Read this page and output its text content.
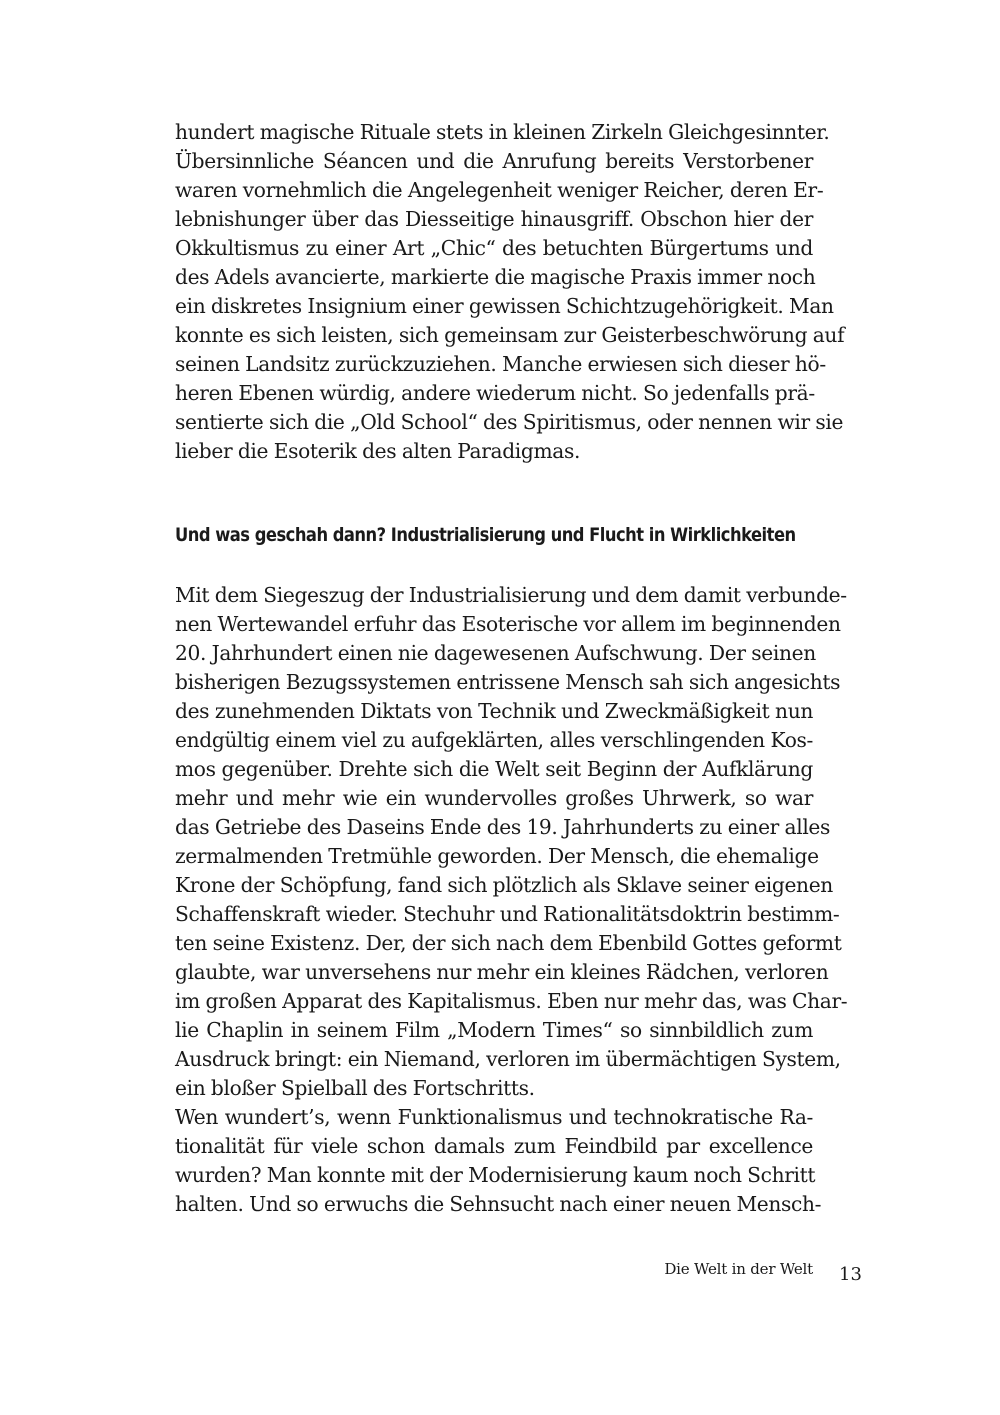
hundert magische Rituale stets in kleinen Zirkeln Gleichgesinnter.
Übersinnliche Séancen und die Anrufung bereits Verstorbener
waren vornehmlich die Angelegenheit weniger Reicher, deren Er-
lebnishunger über das Diesseitige hinausgriff. Obschon hier der
Okkultismus zu einer Art „Chic“ des betuchten Bürgertums und
des Adels avancierte, markierte die magische Praxis immer noch
ein diskretes Insignium einer gewissen Schichtzugehörigkeit. Man
konnte es sich leisten, sich gemeinsam zur Geisterbeschwörung auf
seinen Landsitz zurückzuziehen. Manche erwiesen sich dieser hö-
heren Ebenen würdig, andere wiederum nicht. So jedenfalls prä-
sentierte sich die „Old School“ des Spiritismus, oder nennen wir sie
lieber die Esoterik des alten Paradigmas.
Und was geschah dann? Industrialisierung und Flucht in Wirklichkeiten
Mit dem Siegeszug der Industrialisierung und dem damit verbunde-
nen Wertewandel erfuhr das Esoterische vor allem im beginnenden
20. Jahrhundert einen nie dagewesenen Aufschwung. Der seinen
bisherigen Bezugssystemen entrissene Mensch sah sich angesichts
des zunehmenden Diktats von Technik und Zweckmäßigkeit nun
endgültig einem viel zu aufgeklärten, alles verschlingenden Kos-
mos gegenüber. Drehte sich die Welt seit Beginn der Aufklärung
mehr und mehr wie ein wundervolles großes Uhrwerk, so war
das Getriebe des Daseins Ende des 19. Jahrhunderts zu einer alles
zermalmenden Tretmühle geworden. Der Mensch, die ehemalige
Krone der Schöpfung, fand sich plötzlich als Sklave seiner eigenen
Schaffenskraft wieder. Stechuhr und Rationalitätsdoktrin bestimm-
ten seine Existenz. Der, der sich nach dem Ebenbild Gottes geformt
glaubte, war unversehens nur mehr ein kleines Rädchen, verloren
im großen Apparat des Kapitalismus. Eben nur mehr das, was Char-
lie Chaplin in seinem Film „Modern Times“ so sinnbildlich zum
Ausdruck bringt: ein Niemand, verloren im übermächtigen System,
ein bloßer Spielball des Fortschritts.
Wen wundert’s, wenn Funktionalismus und technokratische Ra-
tionalität für viele schon damals zum Feindbild par excellence
wurden? Man konnte mit der Modernisierung kaum noch Schritt
halten. Und so erwuchs die Sehnsucht nach einer neuen Mensch-
Die Welt in der Welt 13
